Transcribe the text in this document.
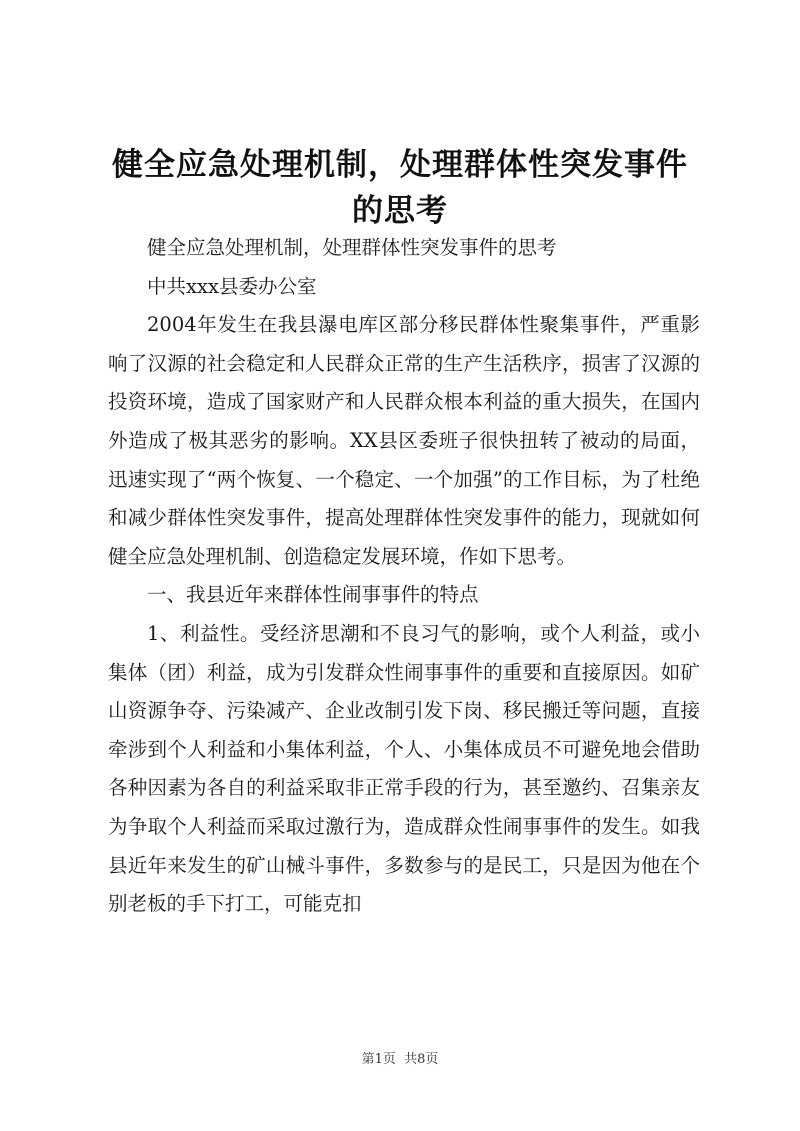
健全应急处理机制，处理群体性突发事件的思考

健全应急处理机制，处理群体性突发事件的思考

中共xxx县委办公室

2004年发生在我县瀑电库区部分移民群体性聚集事件，严重影响了汉源的社会稳定和人民群众正常的生产生活秩序，损害了汉源的投资环境，造成了国家财产和人民群众根本利益的重大损失，在国内外造成了极其恶劣的影响。XX县区委班子很快扭转了被动的局面，迅速实现了“两个恢复、一个稳定、一个加强”的工作目标，为了杜绝和减少群体性突发事件，提高处理群体性突发事件的能力，现就如何健全应急处理机制、创造稳定发展环境，作如下思考。

一、我县近年来群体性闹事事件的特点

1、利益性。受经济思潮和不良习气的影响，或个人利益，或小集体（团）利益，成为引发群众性闹事事件的重要和直接原因。如矿山资源争夺、污染减产、企业改制引发下岗、移民搬迁等问题，直接牵涉到个人利益和小集体利益，个人、小集体成员不可避免地会借助各种因素为各自的利益采取非正常手段的行为，甚至邀约、召集亲友为争取个人利益而采取过激行为，造成群众性闹事事件的发生。如我县近年来发生的矿山械斗事件，多数参与的是民工，只是因为他在个别老板的手下打工，可能克扣

第1页  共8页
